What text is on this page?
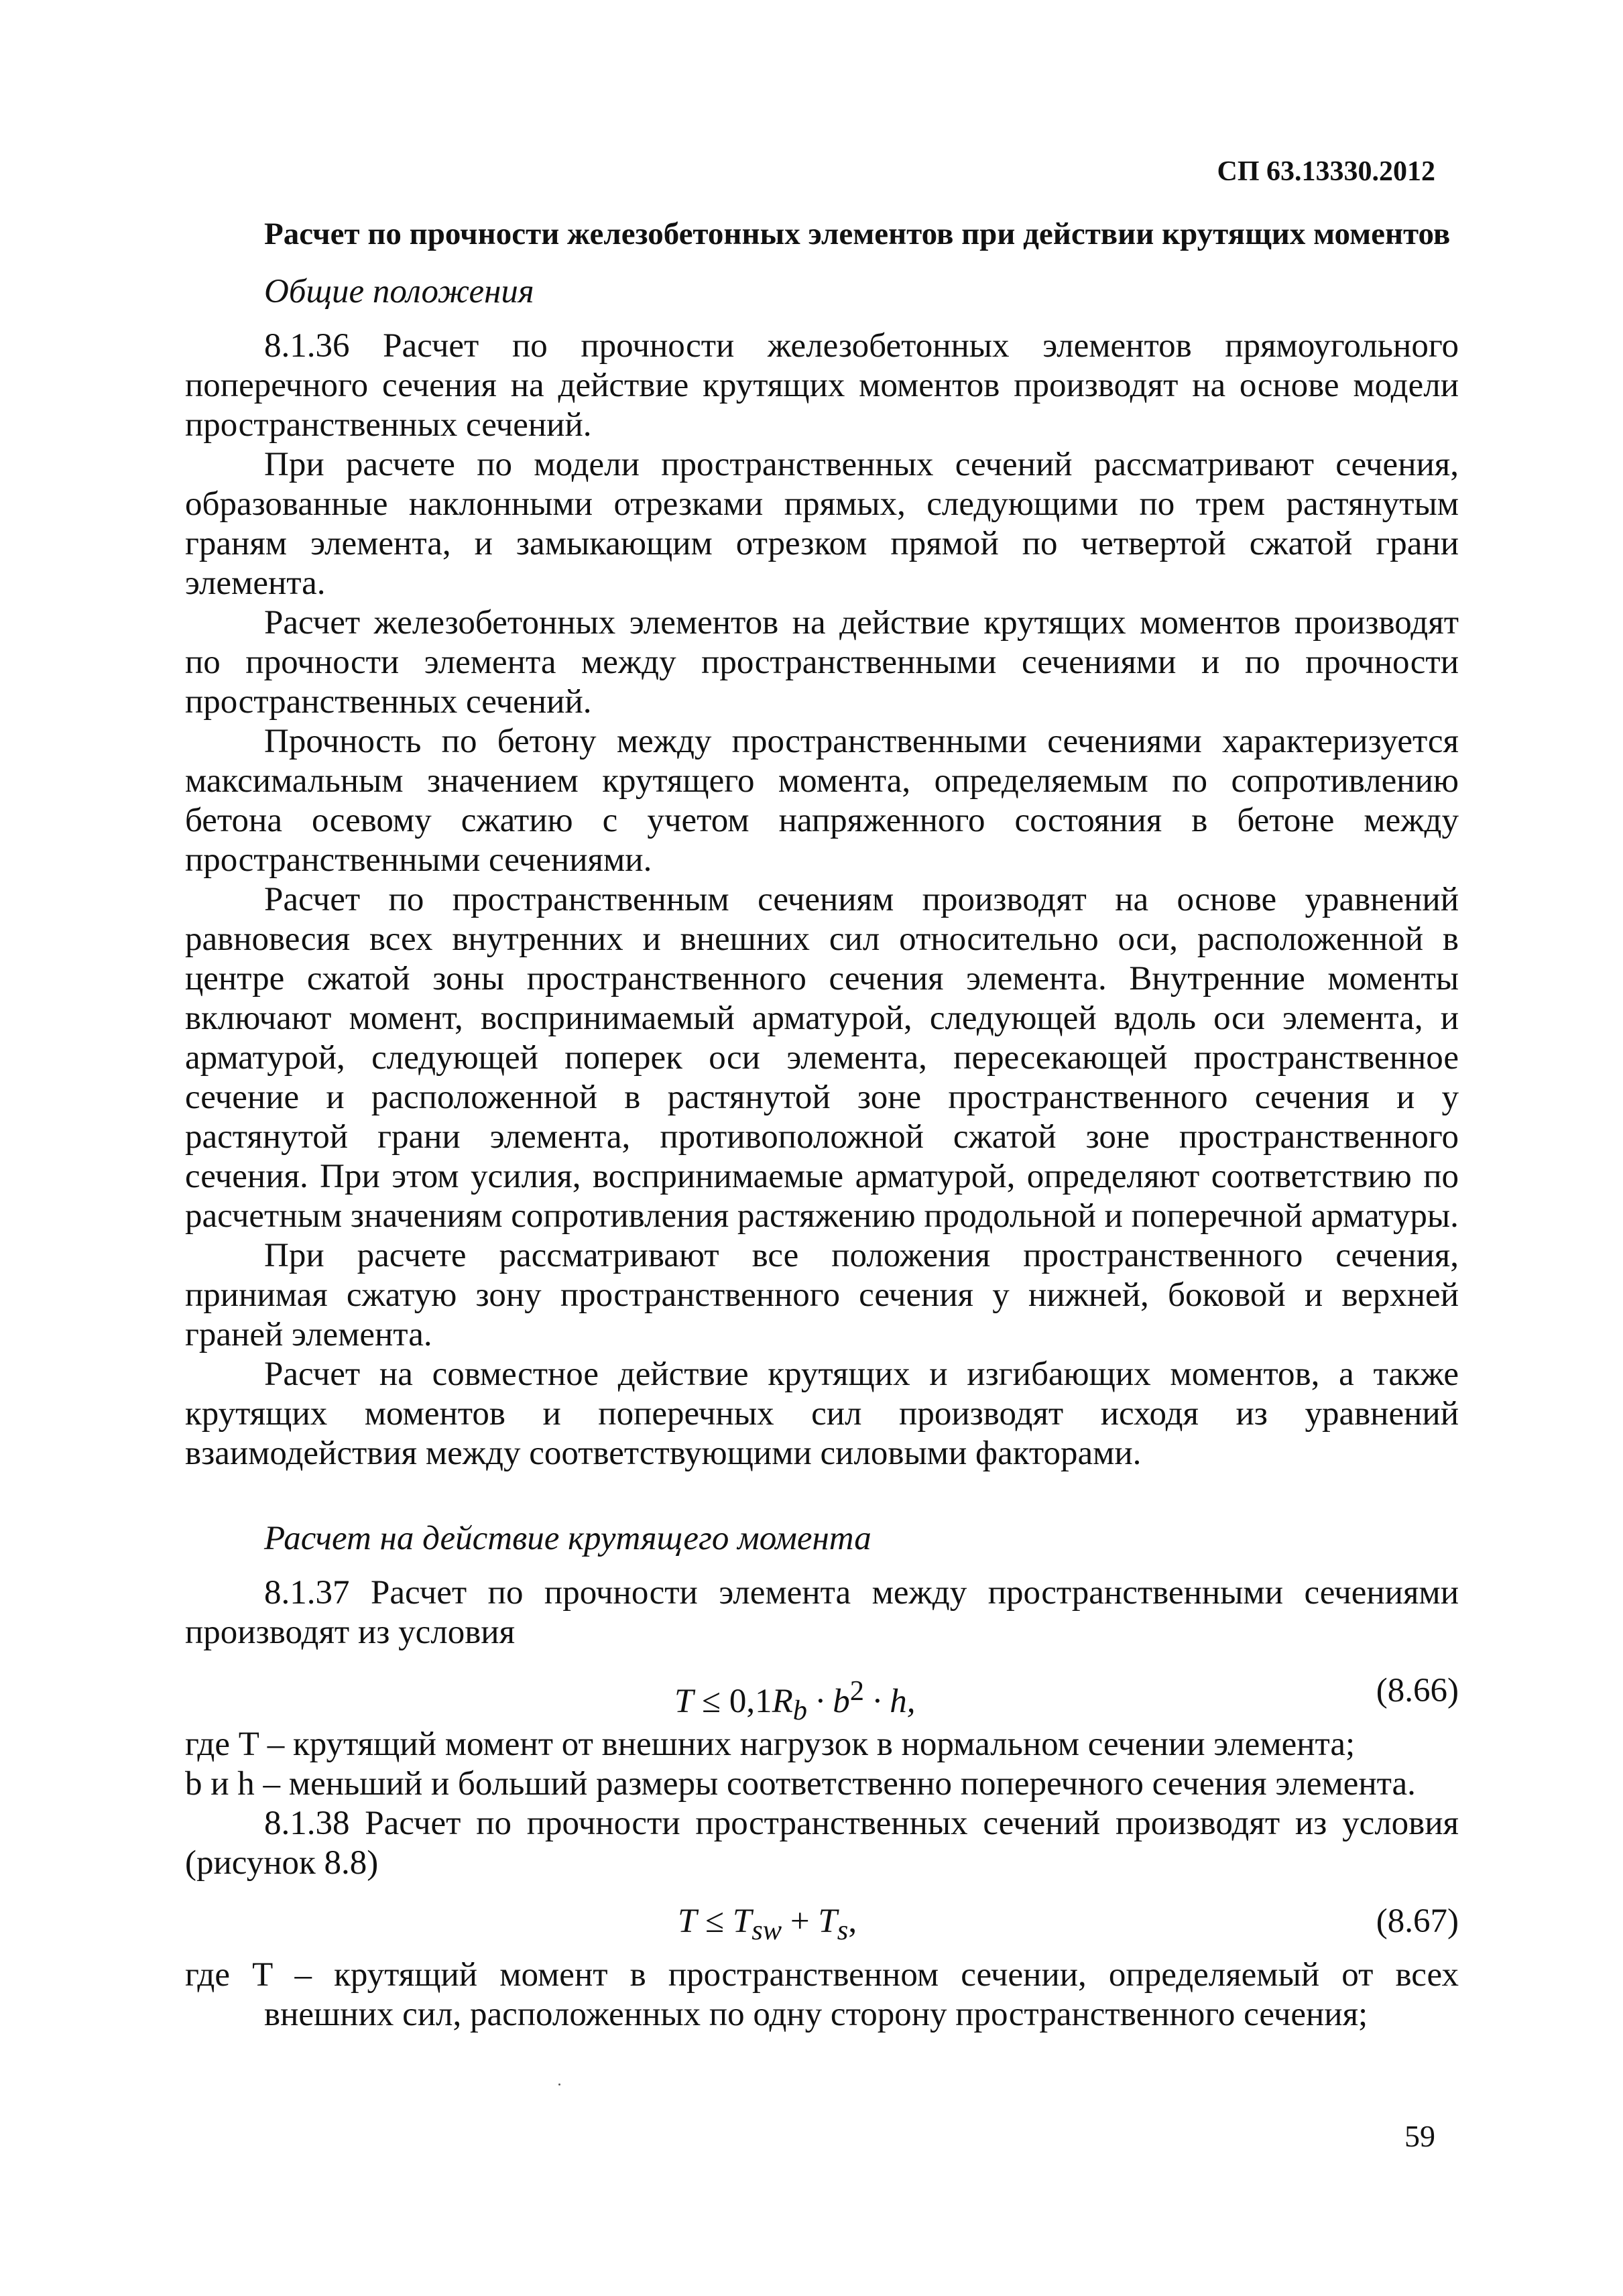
СП 63.13330.2012
Расчет по прочности железобетонных элементов при действии крутящих моментов
Общие положения

8.1.36 Расчет по прочности железобетонных элементов прямоугольного поперечного сечения на действие крутящих моментов производят на основе модели пространственных сечений.

При расчете по модели пространственных сечений рассматривают сечения, образованные наклонными отрезками прямых, следующими по трем растянутым граням элемента, и замыкающим отрезком прямой по четвертой сжатой грани элемента.

Расчет железобетонных элементов на действие крутящих моментов производят по прочности элемента между пространственными сечениями и по прочности пространственных сечений.

Прочность по бетону между пространственными сечениями характеризуется максимальным значением крутящего момента, определяемым по сопротивлению бетона осевому сжатию с учетом напряженного состояния в бетоне между пространственными сечениями.

Расчет по пространственным сечениям производят на основе уравнений равновесия всех внутренних и внешних сил относительно оси, расположенной в центре сжатой зоны пространственного сечения элемента. Внутренние моменты включают момент, воспринимаемый арматурой, следующей вдоль оси элемента, и арматурой, следующей поперек оси элемента, пересекающей пространственное сечение и расположенной в растянутой зоне пространственного сечения и у растянутой грани элемента, противоположной сжатой зоне пространственного сечения. При этом усилия, воспринимаемые арматурой, определяют соответствию по расчетным значениям сопротивления растяжению продольной и поперечной арматуры.

При расчете рассматривают все положения пространственного сечения, принимая сжатую зону пространственного сечения у нижней, боковой и верхней граней элемента.

Расчет на совместное действие крутящих и изгибающих моментов, а также крутящих моментов и поперечных сил производят исходя из уравнений взаимодействия между соответствующими силовыми факторами.

Расчет на действие крутящего момента

8.1.37 Расчет по прочности элемента между пространственными сечениями производят из условия

$T \le 0,1R_b \cdot b^2 \cdot h$,	(8.66)

где T – крутящий момент от внешних нагрузок в нормальном сечении элемента;

b и h – меньший и больший размеры соответственно поперечного сечения элемента.

8.1.38 Расчет по прочности пространственных сечений производят из условия (рисунок 8.8)

$T \le T_{sw} + T_s$,	(8.67)

где T – крутящий момент в пространственном сечении, определяемый от всех внешних сил, расположенных по одну сторону пространственного сечения;

59
